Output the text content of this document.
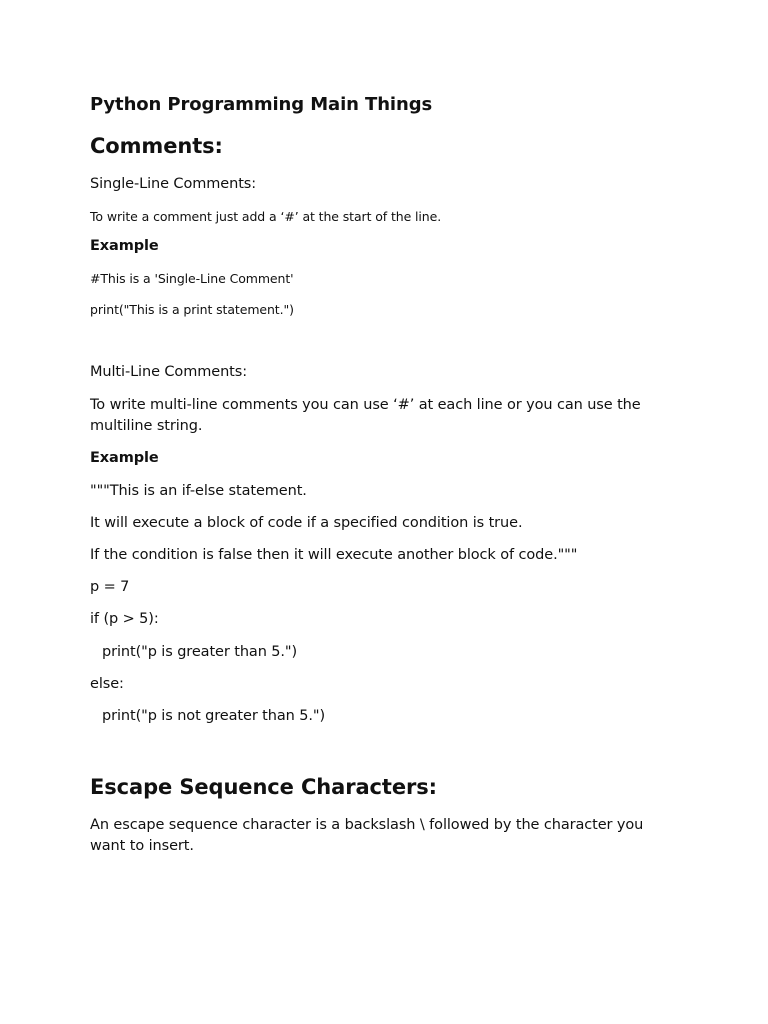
Python Programming Main Things
Comments:

Single-Line Comments:

To write a comment just add a ‘#’ at the start of the line.

Example

#This is a 'Single-Line Comment'

print("This is a print statement.")

Multi-Line Comments:

To write multi-line comments you can use ‘#’ at each line or you can use the multiline string.

Example

"""This is an if-else statement.

It will execute a block of code if a specified condition is true.

If the condition is false then it will execute another block of code."""

p = 7

if (p > 5):

print("p is greater than 5.")

else:

print("p is not greater than 5.")

Escape Sequence Characters:

An escape sequence character is a backslash \ followed by the character you want to insert.
